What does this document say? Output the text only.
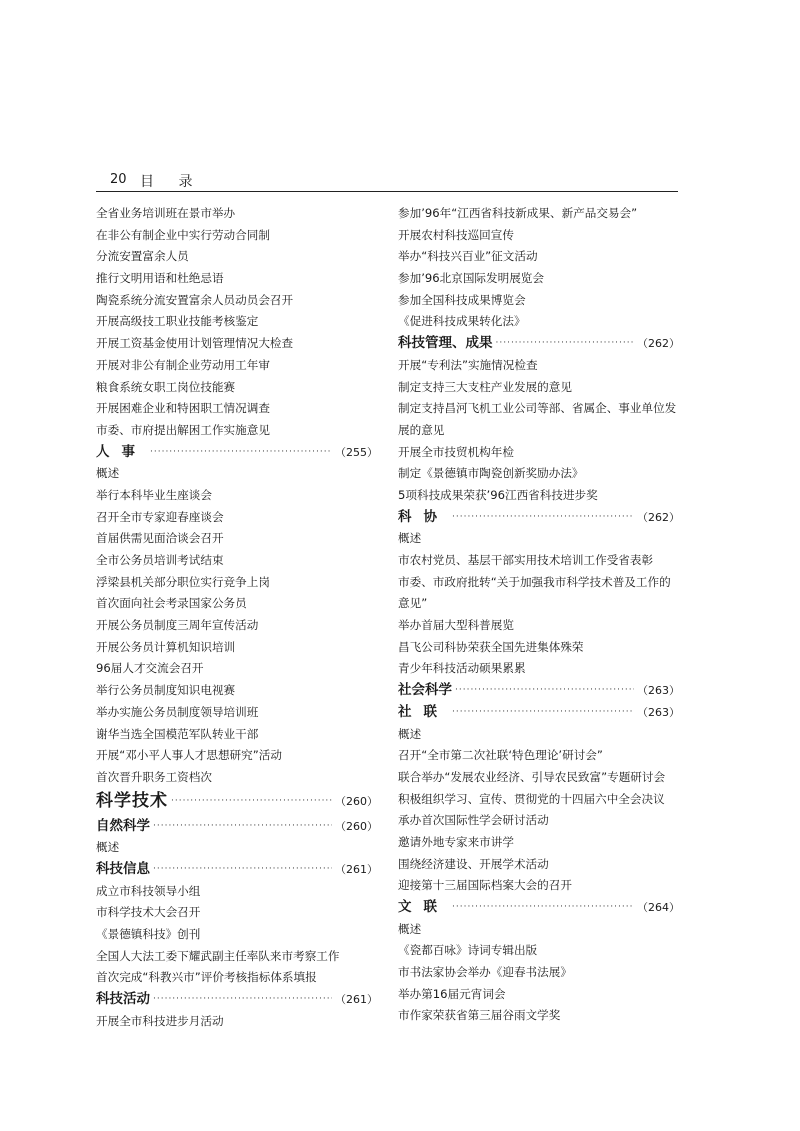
20 目 录
全省业务培训班在景市举办
在非公有制企业中实行劳动合同制
分流安置富余人员
推行文明用语和杜绝忌语
陶瓷系统分流安置富余人员动员会召开
开展高级技工职业技能考核鉴定
开展工资基金使用计划管理情况大检查
开展对非公有制企业劳动用工年审
粮食系统女职工岗位技能赛
开展困难企业和特困职工情况调查
市委、市府提出解困工作实施意见
人事 ·····	（255）
概述
举行本科毕业生座谈会
召开全市专家迎春座谈会
首届供需见面洽谈会召开
全市公务员培训考试结束
浮梁县机关部分职位实行竞争上岗
首次面向社会考录国家公务员
开展公务员制度三周年宣传活动
开展公务员计算机知识培训
96届人才交流会召开
举行公务员制度知识电视赛
举办实施公务员制度领导培训班
谢华当选全国模范军队转业干部
开展“邓小平人事人才思想研究”活动
首次晋升职务工资档次
科学技术 ·····	（260）
自然科学 ·····	（260）
概述
科技信息 ·····	（261）
成立市科技领导小组
市科学技术大会召开
《景德镇科技》创刊
全国人大法工委下耀武副主任率队来市考察工作
首次完成“科教兴市”评价考核指标体系填报
科技活动 ·····	（261）
开展全市科技进步月活动
参加’96年“江西省科技新成果、新产品交易会”
开展农村科技巡回宣传
举办“科技兴百业”征文活动
参加’96北京国际发明展览会
参加全国科技成果博览会
《促进科技成果转化法》
科技管理、成果 ·····	（262）
开展“专利法”实施情况检查
制定支持三大支柱产业发展的意见
制定支持昌河飞机工业公司等部、省属企、事业单位发
展的意见
开展全市技贸机构年检
制定《景德镇市陶瓷创新奖励办法》
5项科技成果荣获’96江西省科技进步奖
科协 ·····	（262）
概述
市农村党员、基层干部实用技术培训工作受省表彰
市委、市政府批转“关于加强我市科学技术普及工作的
意见”
举办首届大型科普展览
昌飞公司科协荣获全国先进集体殊荣
青少年科技活动硕果累累
社会科学 ·····	（263）
社联 ·····	（263）
概述
召开“全市第二次社联‘特色理论’研讨会”
联合举办“发展农业经济、引导农民致富”专题研讨会
积极组织学习、宣传、贯彻党的十四届六中全会决议
承办首次国际性学会研讨活动
邀请外地专家来市讲学
围绕经济建设、开展学术活动
迎接第十三届国际档案大会的召开
文联 ·····	（264）
概述
《瓷都百咏》诗词专辑出版
市书法家协会举办《迎春书法展》
举办第16届元宵词会
市作家荣获省第三届谷雨文学奖
